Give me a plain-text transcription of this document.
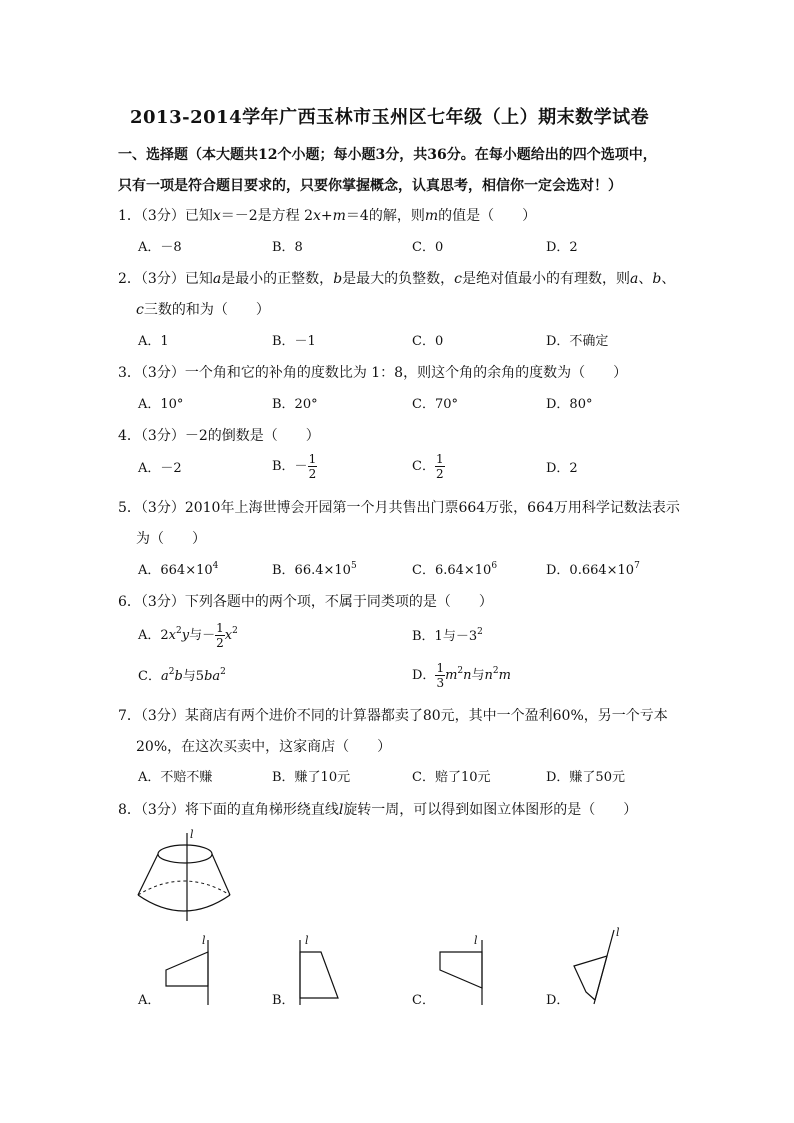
2013-2014学年广西玉林市玉州区七年级（上）期末数学试卷
一、选择题（本大题共12个小题；每小题3分，共36分。在每小题给出的四个选项中，
只有一项是符合题目要求的，只要你掌握概念，认真思考，相信你一定会选对！）
1．（3分）已知x＝－2是方程 2x+m＝4的解，则m的值是（　　）
A．－8	B．8	C．0	D．2
2．（3分）已知a是最小的正整数，b是最大的负整数，c是绝对值最小的有理数，则a、b、
c三数的和为（　　）
A．1	B．－1	C．0	D．不确定
3．（3分）一个角和它的补角的度数比为 1：8，则这个角的余角的度数为（　　）
A．10°	B．20°	C．70°	D．80°
4．（3分）－2的倒数是（　　）
A．－2	B．－ $\frac{1}{2}$	C． $\frac{1}{2}$	D．2
5．（3分）2010年上海世博会开园第一个月共售出门票664万张，664万用科学记数法表示
为（　　）
A．$664\times 10^4$	B．$66.4\times 10^5$	C．$6.64\times 10^6$	D．$0.664\times 10^7$
6．（3分）下列各题中的两个项，不属于同类项的是（　　）
A．$2x^2y$与－ $\frac{1}{2} x^2$	B．1与$-3^2$
C．$a^2b$与$5ba^2$	D． $\frac{1}{3} m^2n$与$n^2m$
7．（3分）某商店有两个进价不同的计算器都卖了80元，其中一个盈利60%，另一个亏本
20%，在这次买卖中，这家商店（　　）
A．不赔不赚	B．赚了10元	C．赔了10元	D．赚了50元
8．（3分）将下面的直角梯形绕直线l旋转一周，可以得到如图立体图形的是（　　）
l
A．
l
B．
l
C．
l
D．
l
